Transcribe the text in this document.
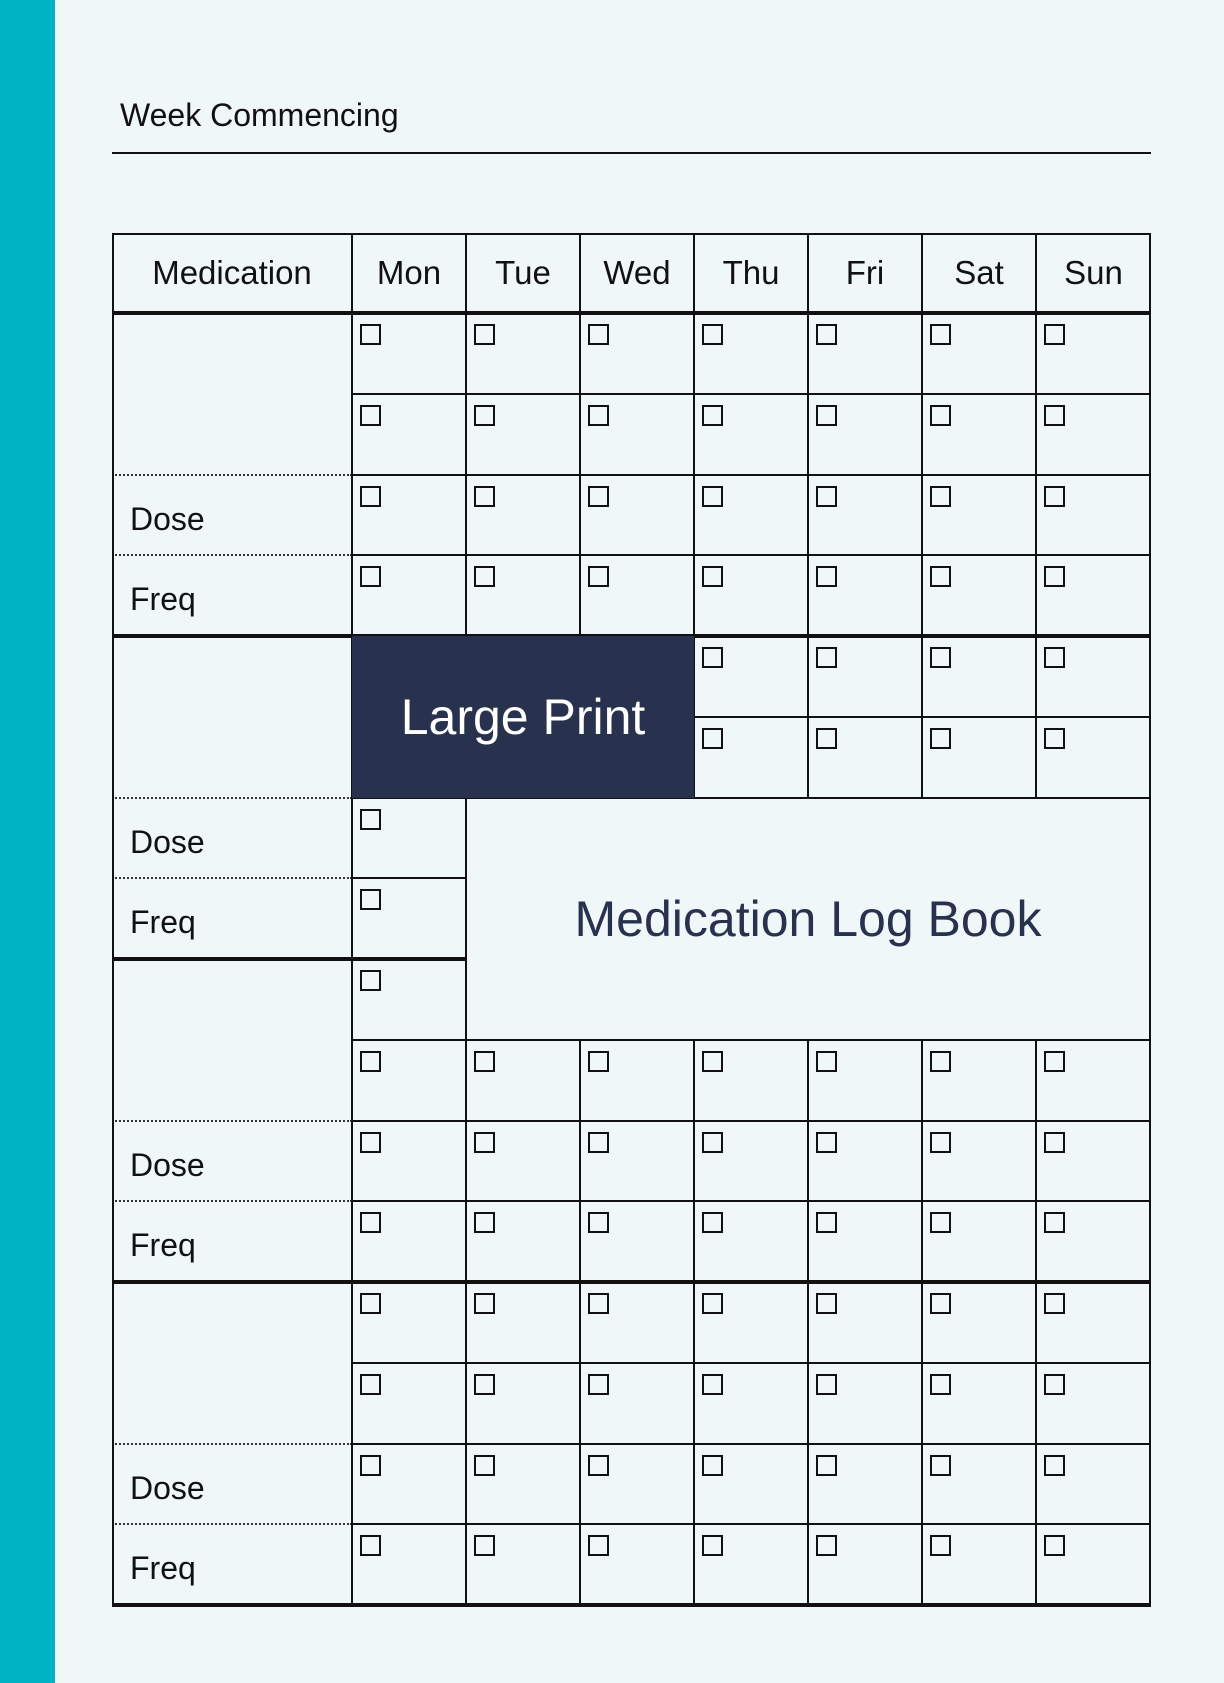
Week Commencing
Medication	Mon	Tue	Wed	Thu	Fri	Sat	Sun
Dose
Freq
Dose
Freq
Dose
Freq
Dose
Freq
Large Print
Medication Log Book
